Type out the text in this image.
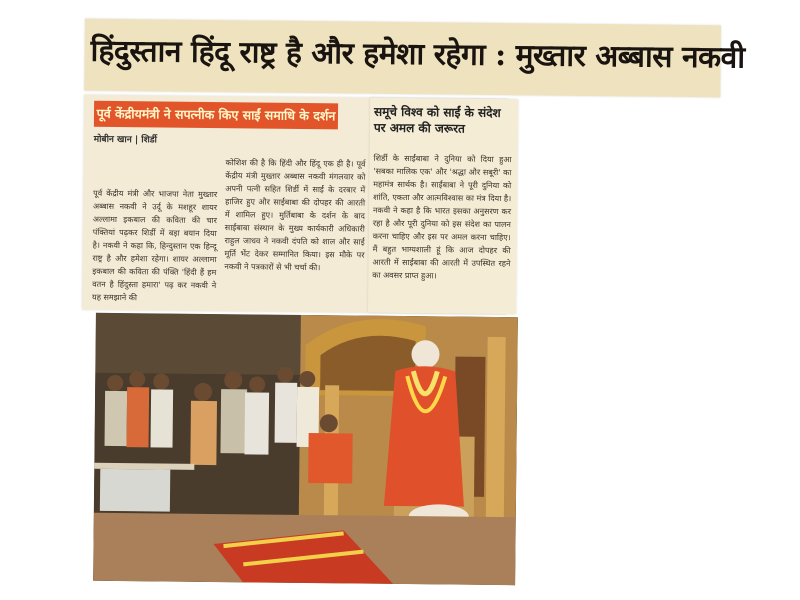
हिंदुस्तान हिंदू राष्ट्र है और हमेशा रहेगा : मुख्तार अब्बास नकवी
पूर्व केंद्रीयमंत्री ने सपत्नीक किए साईं समाधि के दर्शन
मोबीन खान | शिर्डी
पूर्व केंद्रीय मंत्री और भाजपा नेता मुख्तार अब्बास नकवी ने उर्दू के मशहूर शायर अल्लामा इकबाल की कविता की चार पंक्तियां पढ़कर शिर्डी में बड़ा बयान दिया है। नकवी ने कहा कि, हिन्दुस्तान एक हिन्दू राष्ट्र है और हमेशा रहेगा। शायर अल्लामा इकबाल की कविता की पंक्ति 'हिंदी हैं हम वतन है हिंदुस्ता हमारा' पढ़ कर नकवी ने यह समझाने की
कोशिश की है कि हिंदी और हिंदू एक ही है। पूर्व केंद्रीय मंत्री मुख्तार अब्बास नकवी मंगलवार को अपनी पत्नी सहित शिर्डी में साईं के दरबार में हाजिर हुए और साईंबाबा की दोपहर की आरती में शामिल हुए। मुर्तिबाबा के दर्शन के बाद साईंबाबा संस्थान के मुख्य कार्यकारी अधिकारी राहुल जाधव ने नकवी दंपति को शाल और साईं मूर्ति भेंट देकर सम्मानित किया। इस मौके पर नकवी ने पत्रकारों से भी चर्चा की।
समूचे विश्व को साईं के संदेश पर अमल की जरूरत
शिर्डी के साईंबाबा ने दुनिया को दिया हुआ 'सबका मालिक एक' और 'श्रद्धा और सबूरी' का महामंत्र सार्थक है। साईंबाबा ने पूरी दुनिया को शांति, एकता और आत्मविश्वास का मंत्र दिया है। नकवी ने कहा है कि भारत इसका अनुसरण कर रहा है और पूरी दुनिया को इस संदेश का पालन करना चाहिए और इस पर अमल करना चाहिए। मैं बहुत भाग्यशाली हूं कि आज दोपहर की आरती में साईंबाबा की आरती में उपस्थित रहने का अवसर प्राप्त हुआ।
